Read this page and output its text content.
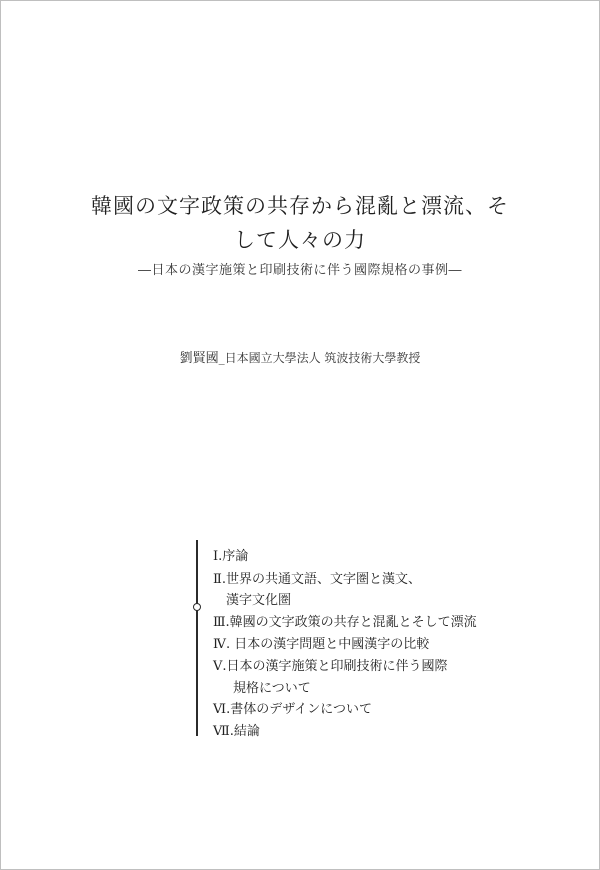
韓國の文字政策の共存から混亂と漂流、そ
して人々の力
―日本の漢字施策と印刷技術に伴う國際規格の事例―
劉賢國_日本國立大學法人 筑波技術大學教授
Ⅰ.序論
Ⅱ.世界の共通文語、文字圏と漢文、
漢字文化圏
Ⅲ.韓國の文字政策の共存と混亂とそして漂流
Ⅳ. 日本の漢字問題と中國漢字の比較
Ⅴ.日本の漢字施策と印刷技術に伴う國際
規格について
Ⅵ.書体のデザインについて
Ⅶ.結論
